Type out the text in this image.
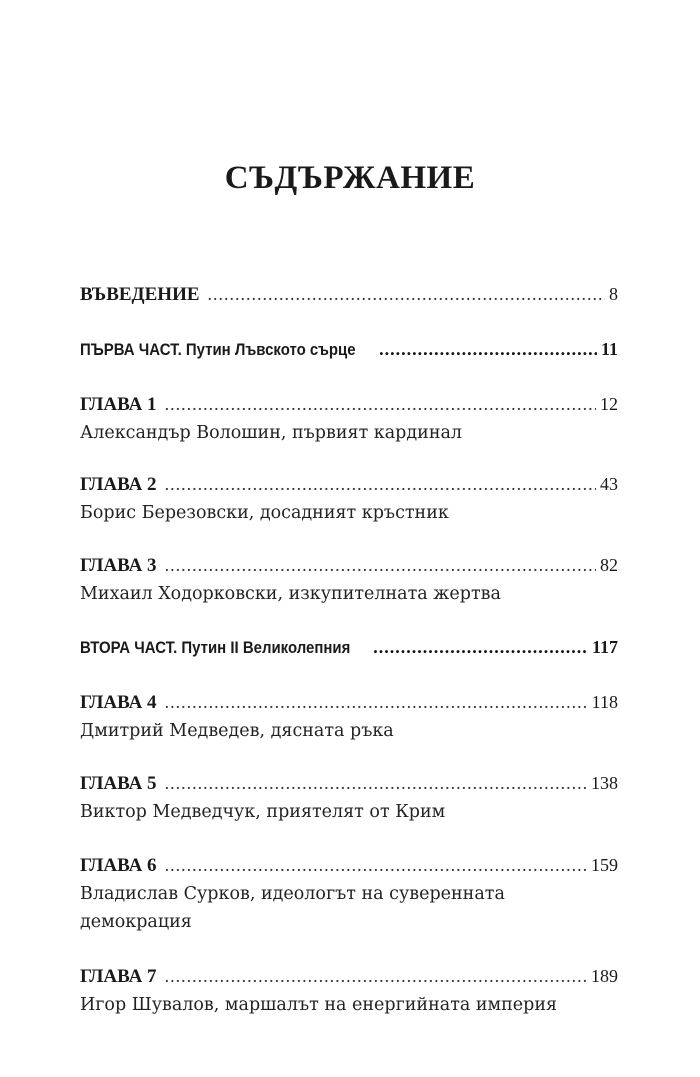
СЪДЪРЖАНИЕ
ВЪВЕДЕНИЕ .....	8
ПЪРВА ЧАСТ. Путин Лъвското сърце .....	11
ГЛАВА 1 .....	12
Александър Волошин, първият кардинал
ГЛАВА 2 .....	43
Борис Березовски, досадният кръстник
ГЛАВА 3 .....	82
Михаил Ходорковски, изкупителната жертва
ВТОРА ЧАСТ. Путин II Великолепния .....	117
ГЛАВА 4 .....	118
Дмитрий Медведев, дясната ръка
ГЛАВА 5 .....	138
Виктор Медведчук, приятелят от Крим
ГЛАВА 6 .....	159
Владислав Сурков, идеологът на суверенната демокрация
ГЛАВА 7 .....	189
Игор Шувалов, маршалът на енергийната империя
